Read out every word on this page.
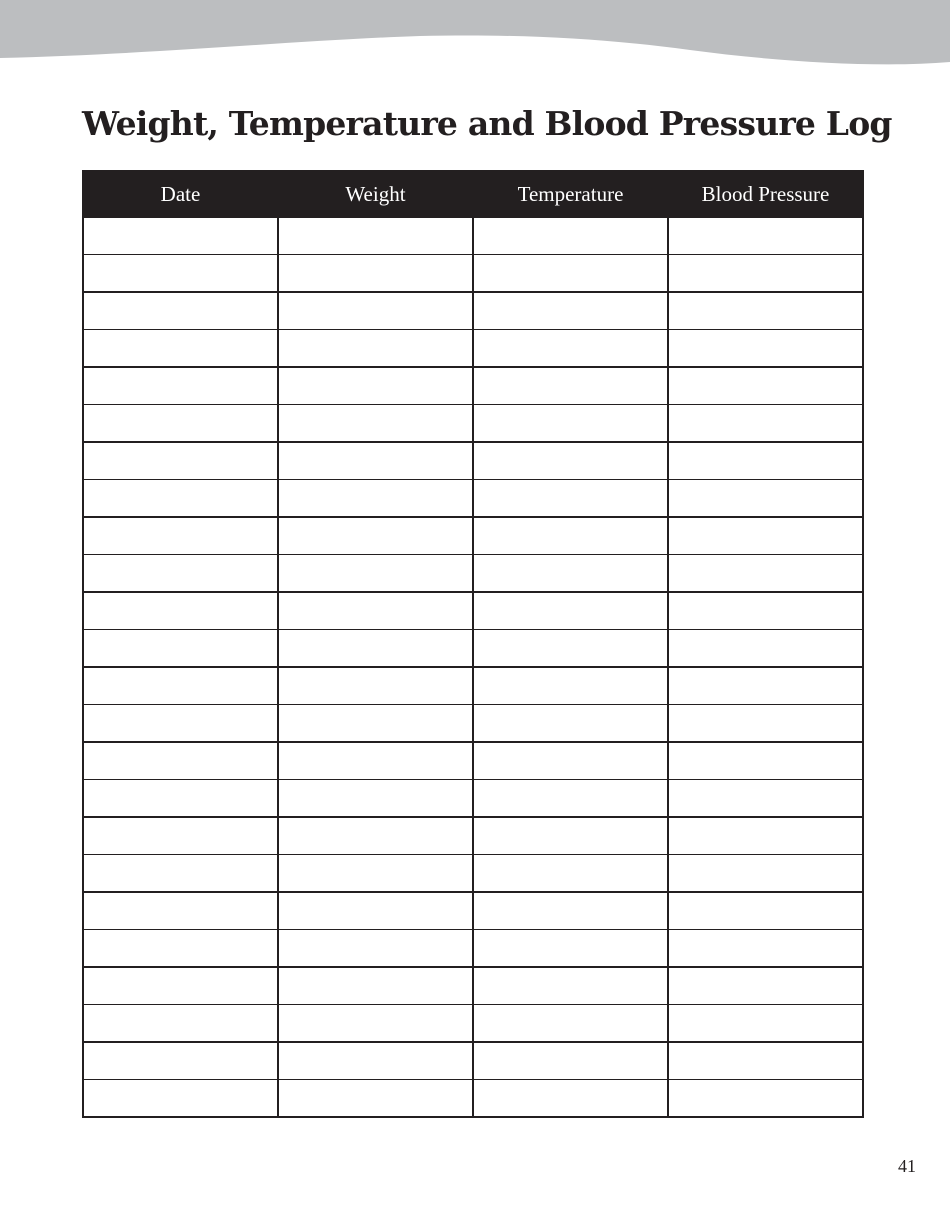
Weight, Temperature and Blood Pressure Log
Date	Weight	Temperature	Blood Pressure

41
